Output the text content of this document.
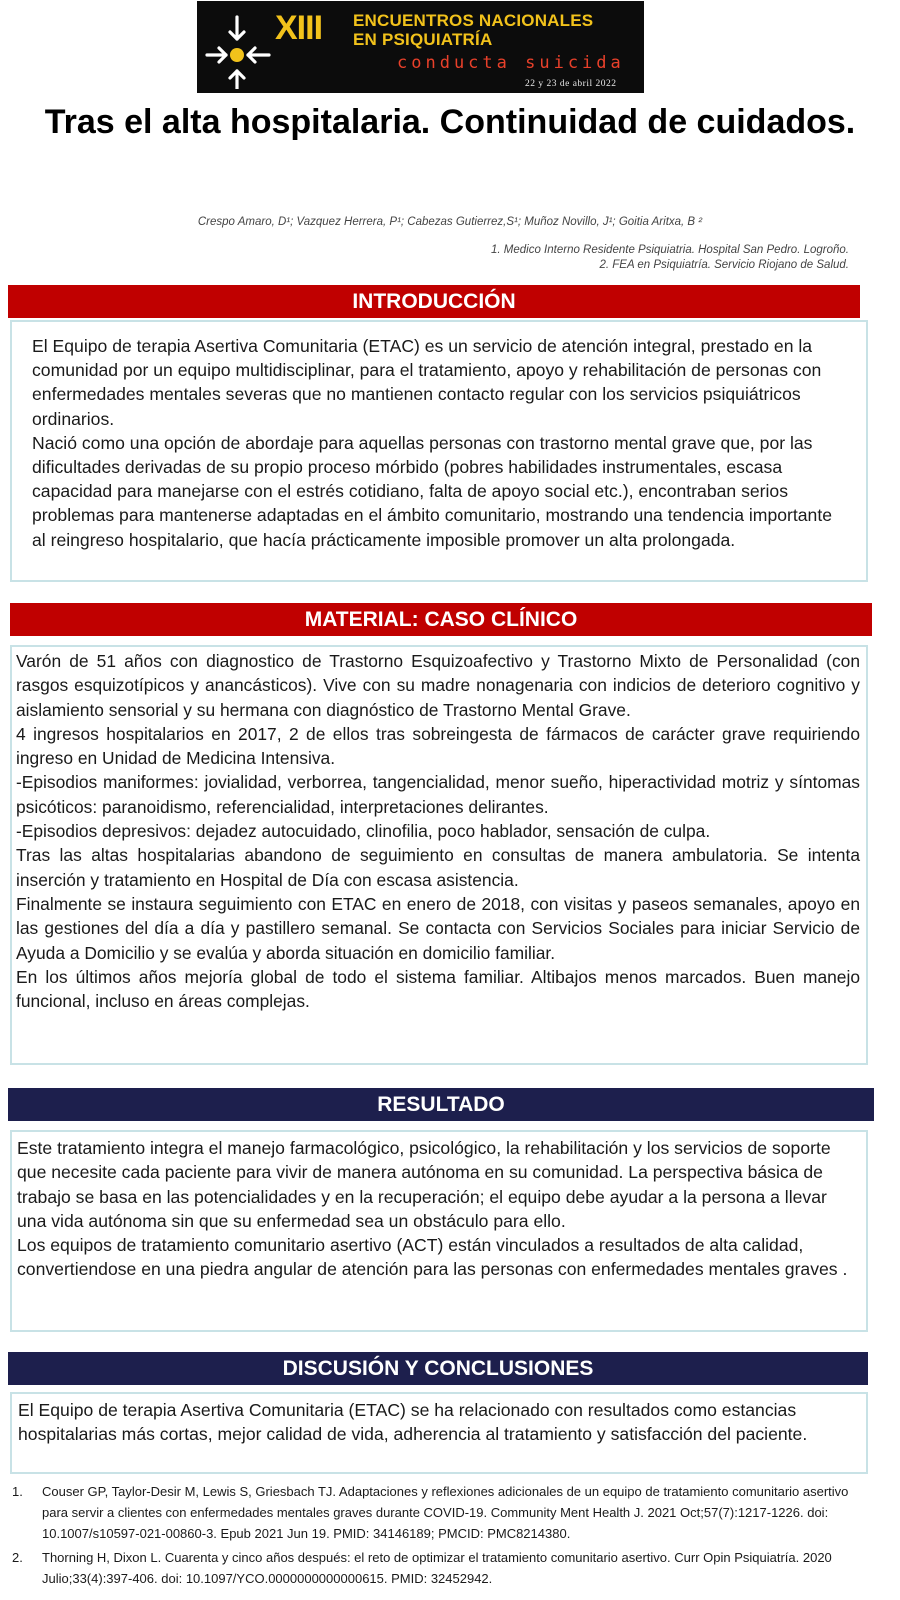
XIII ENCUENTROS NACIONALES
EN PSIQUIATRÍA
conducta suicida
22 y 23 de abril 2022
Tras el alta hospitalaria. Continuidad de cuidados.
Crespo Amaro, D¹; Vazquez Herrera, P¹; Cabezas Gutierrez,S¹; Muñoz Novillo, J¹; Goitia Aritxa, B ²
1. Medico Interno Residente Psiquiatria. Hospital San Pedro. Logroño.
2. FEA en Psiquiatría. Servicio Riojano de Salud.
INTRODUCCIÓN

El Equipo de terapia Asertiva Comunitaria (ETAC) es un servicio de atención integral, prestado en la comunidad por un equipo multidisciplinar, para el tratamiento, apoyo y rehabilitación de personas con enfermedades mentales severas que no mantienen contacto regular con los servicios psiquiátricos ordinarios.

Nació como una opción de abordaje para aquellas personas con trastorno mental grave que, por las dificultades derivadas de su propio proceso mórbido (pobres habilidades instrumentales, escasa capacidad para manejarse con el estrés cotidiano, falta de apoyo social etc.), encontraban serios problemas para mantenerse adaptadas en el ámbito comunitario, mostrando una tendencia importante al reingreso hospitalario, que hacía prácticamente imposible promover un alta prolongada.

MATERIAL: CASO CLÍNICO

Varón de 51 años con diagnostico de Trastorno Esquizoafectivo y Trastorno Mixto de Personalidad (con rasgos esquizotípicos y anancásticos). Vive con su madre nonagenaria con indicios de deterioro cognitivo y aislamiento sensorial y su hermana con diagnóstico de Trastorno Mental Grave.

4 ingresos hospitalarios en 2017, 2 de ellos tras sobreingesta de fármacos de carácter grave requiriendo ingreso en Unidad de Medicina Intensiva.

-Episodios maniformes: jovialidad, verborrea, tangencialidad, menor sueño, hiperactividad motriz y síntomas psicóticos: paranoidismo, referencialidad, interpretaciones delirantes.

-Episodios depresivos: dejadez autocuidado, clinofilia, poco hablador, sensación de culpa.

Tras las altas hospitalarias abandono de seguimiento en consultas de manera ambulatoria. Se intenta inserción y tratamiento en Hospital de Día con escasa asistencia.

Finalmente se instaura seguimiento con ETAC en enero de 2018, con visitas y paseos semanales, apoyo en las gestiones del día a día y pastillero semanal. Se contacta con Servicios Sociales para iniciar Servicio de Ayuda a Domicilio y se evalúa y aborda situación en domicilio familiar.

En los últimos años mejoría global de todo el sistema familiar. Altibajos menos marcados. Buen manejo funcional, incluso en áreas complejas.

RESULTADO

Este tratamiento integra el manejo farmacológico, psicológico, la rehabilitación y los servicios de soporte que necesite cada paciente para vivir de manera autónoma en su comunidad. La perspectiva básica de trabajo se basa en las potencialidades y en la recuperación; el equipo debe ayudar a la persona a llevar una vida autónoma sin que su enfermedad sea un obstáculo para ello.

Los equipos de tratamiento comunitario asertivo (ACT) están vinculados a resultados de alta calidad, convertiendose en una piedra angular de atención para las personas con enfermedades mentales graves .

DISCUSIÓN Y CONCLUSIONES

El Equipo de terapia Asertiva Comunitaria (ETAC) se ha relacionado con resultados como estancias hospitalarias más cortas, mejor calidad de vida, adherencia al tratamiento y satisfacción del paciente.

1. Couser GP, Taylor-Desir M, Lewis S, Griesbach TJ. Adaptaciones y reflexiones adicionales de un equipo de tratamiento comunitario asertivo para servir a clientes con enfermedades mentales graves durante COVID-19. Community Ment Health J. 2021 Oct;57(7):1217-1226. doi: 10.1007/s10597-021-00860-3. Epub 2021 Jun 19. PMID: 34146189; PMCID: PMC8214380.
2. Thorning H, Dixon L. Cuarenta y cinco años después: el reto de optimizar el tratamiento comunitario asertivo. Curr Opin Psiquiatría. 2020 Julio;33(4):397-406. doi: 10.1097/YCO.0000000000000615. PMID: 32452942.
